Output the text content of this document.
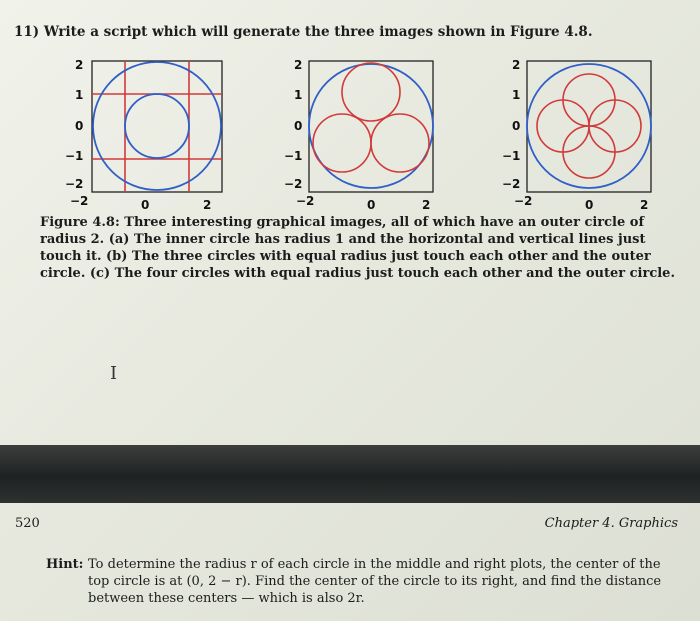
11) Write a script which will generate the three images shown in Figure 4.8.
2
1
0
−1
−2
−2	0	2
2
1
0
−1
−2
−2	0	2
2
1
0
−1
−2
−2	0	2
Figure 4.8: Three interesting graphical images, all of which have an outer circle of radius 2. (a) The inner circle has radius 1 and the horizontal and vertical lines just touch it. (b) The three circles with equal radius just touch each other and the outer circle. (c) The four circles with equal radius just touch each other and the outer circle.
I
520	Chapter 4. Graphics
Hint: To determine the radius r of each circle in the middle and right plots, the center of the top circle is at (0, 2 − r). Find the center of the circle to its right, and find the distance between these centers — which is also 2r.
